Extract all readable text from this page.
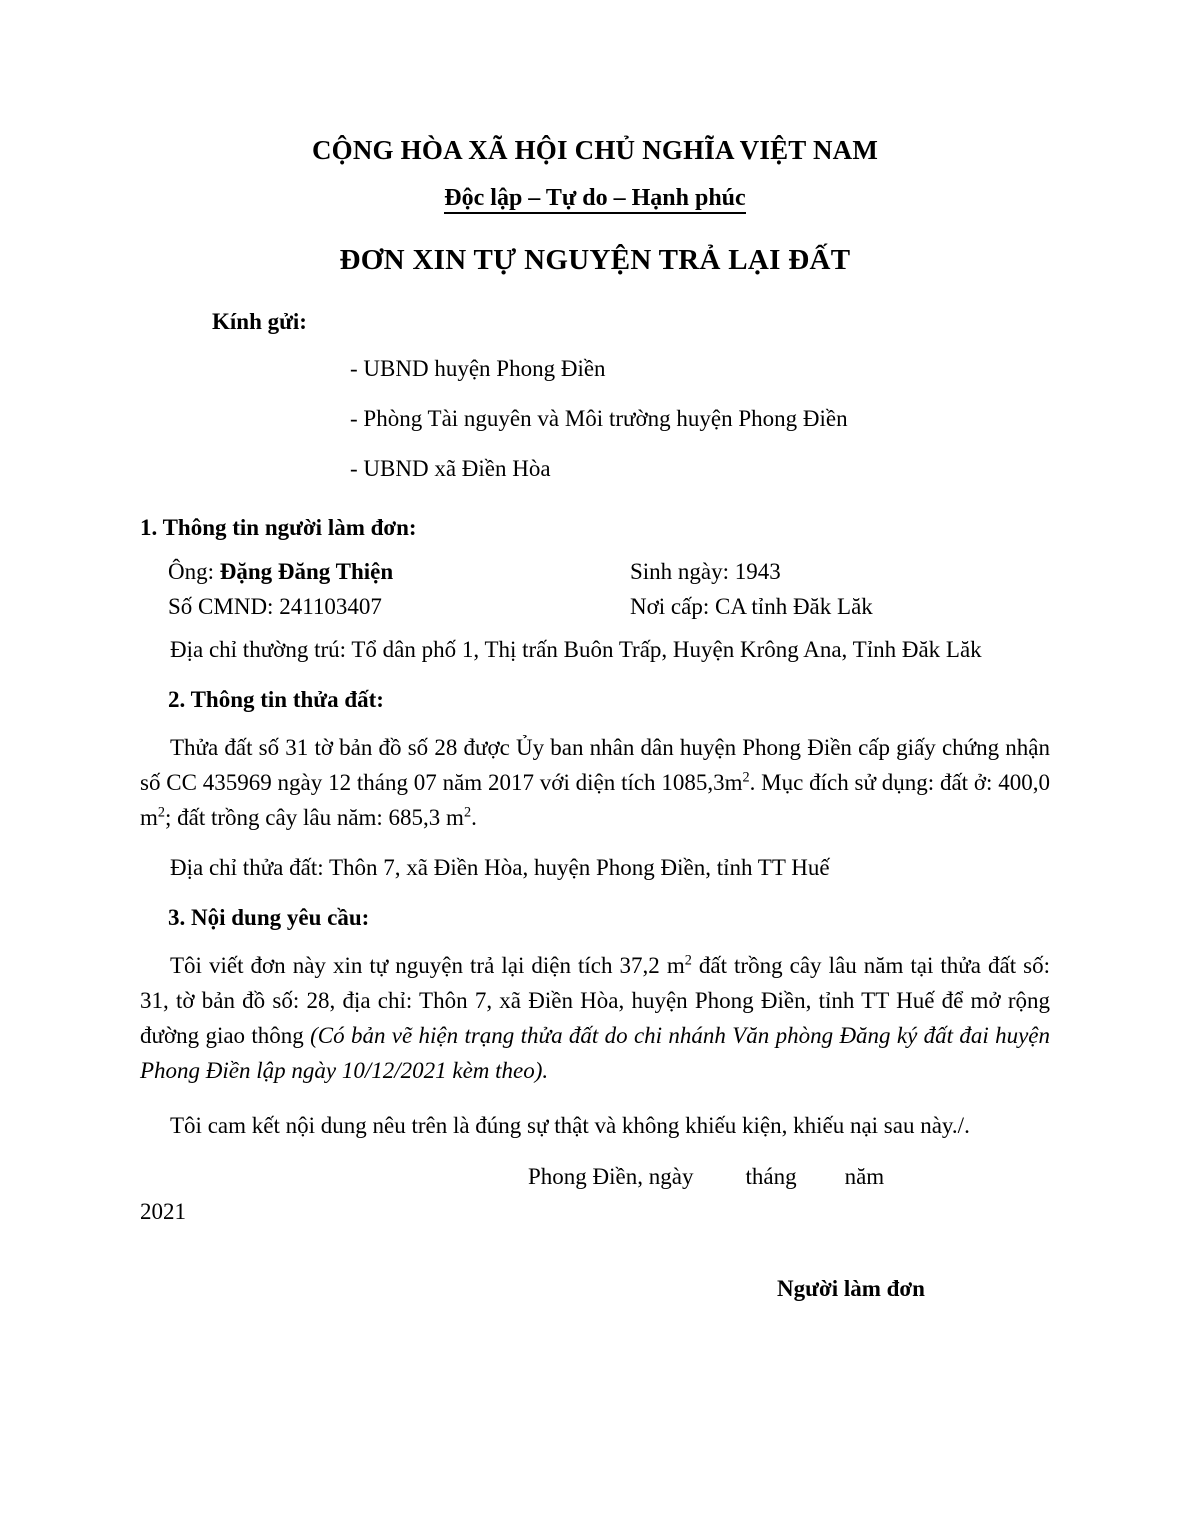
CỘNG HÒA XÃ HỘI CHỦ NGHĨA VIỆT NAM
Độc lập – Tự do – Hạnh phúc
ĐƠN XIN TỰ NGUYỆN TRẢ LẠI ĐẤT
Kính gửi:
- UBND huyện Phong Điền
- Phòng Tài nguyên và Môi trường huyện Phong Điền
- UBND xã Điền Hòa
1. Thông tin người làm đơn:
Ông: Đặng Đăng Thiện	Sinh ngày: 1943
Số CMND: 241103407	Nơi cấp: CA tỉnh Đăk Lăk
Địa chỉ thường trú: Tổ dân phố 1, Thị trấn Buôn Trấp, Huyện Krông Ana, Tỉnh Đăk Lăk
2. Thông tin thửa đất:
Thửa đất số 31 tờ bản đồ số 28 được Ủy ban nhân dân huyện Phong Điền cấp giấy chứng nhận số CC 435969 ngày 12 tháng 07 năm 2017 với diện tích $1085,3m^2$. Mục đích sử dụng: đất ở: 400,0 $m^2$; đất trồng cây lâu năm: 685,3 $m^2$.
Địa chỉ thửa đất: Thôn 7, xã Điền Hòa, huyện Phong Điền, tỉnh TT Huế
3. Nội dung yêu cầu:
Tôi viết đơn này xin tự nguyện trả lại diện tích 37,2 $m^2$ đất trồng cây lâu năm tại thửa đất số: 31, tờ bản đồ số: 28, địa chỉ: Thôn 7, xã Điền Hòa, huyện Phong Điền, tỉnh TT Huế để mở rộng đường giao thông (Có bản vẽ hiện trạng thửa đất do chi nhánh Văn phòng Đăng ký đất đai huyện Phong Điền lập ngày 10/12/2021 kèm theo).
Tôi cam kết nội dung nêu trên là đúng sự thật và không khiếu kiện, khiếu nại sau này./.
Phong Điền, ngày tháng năm
2021
Người làm đơn
